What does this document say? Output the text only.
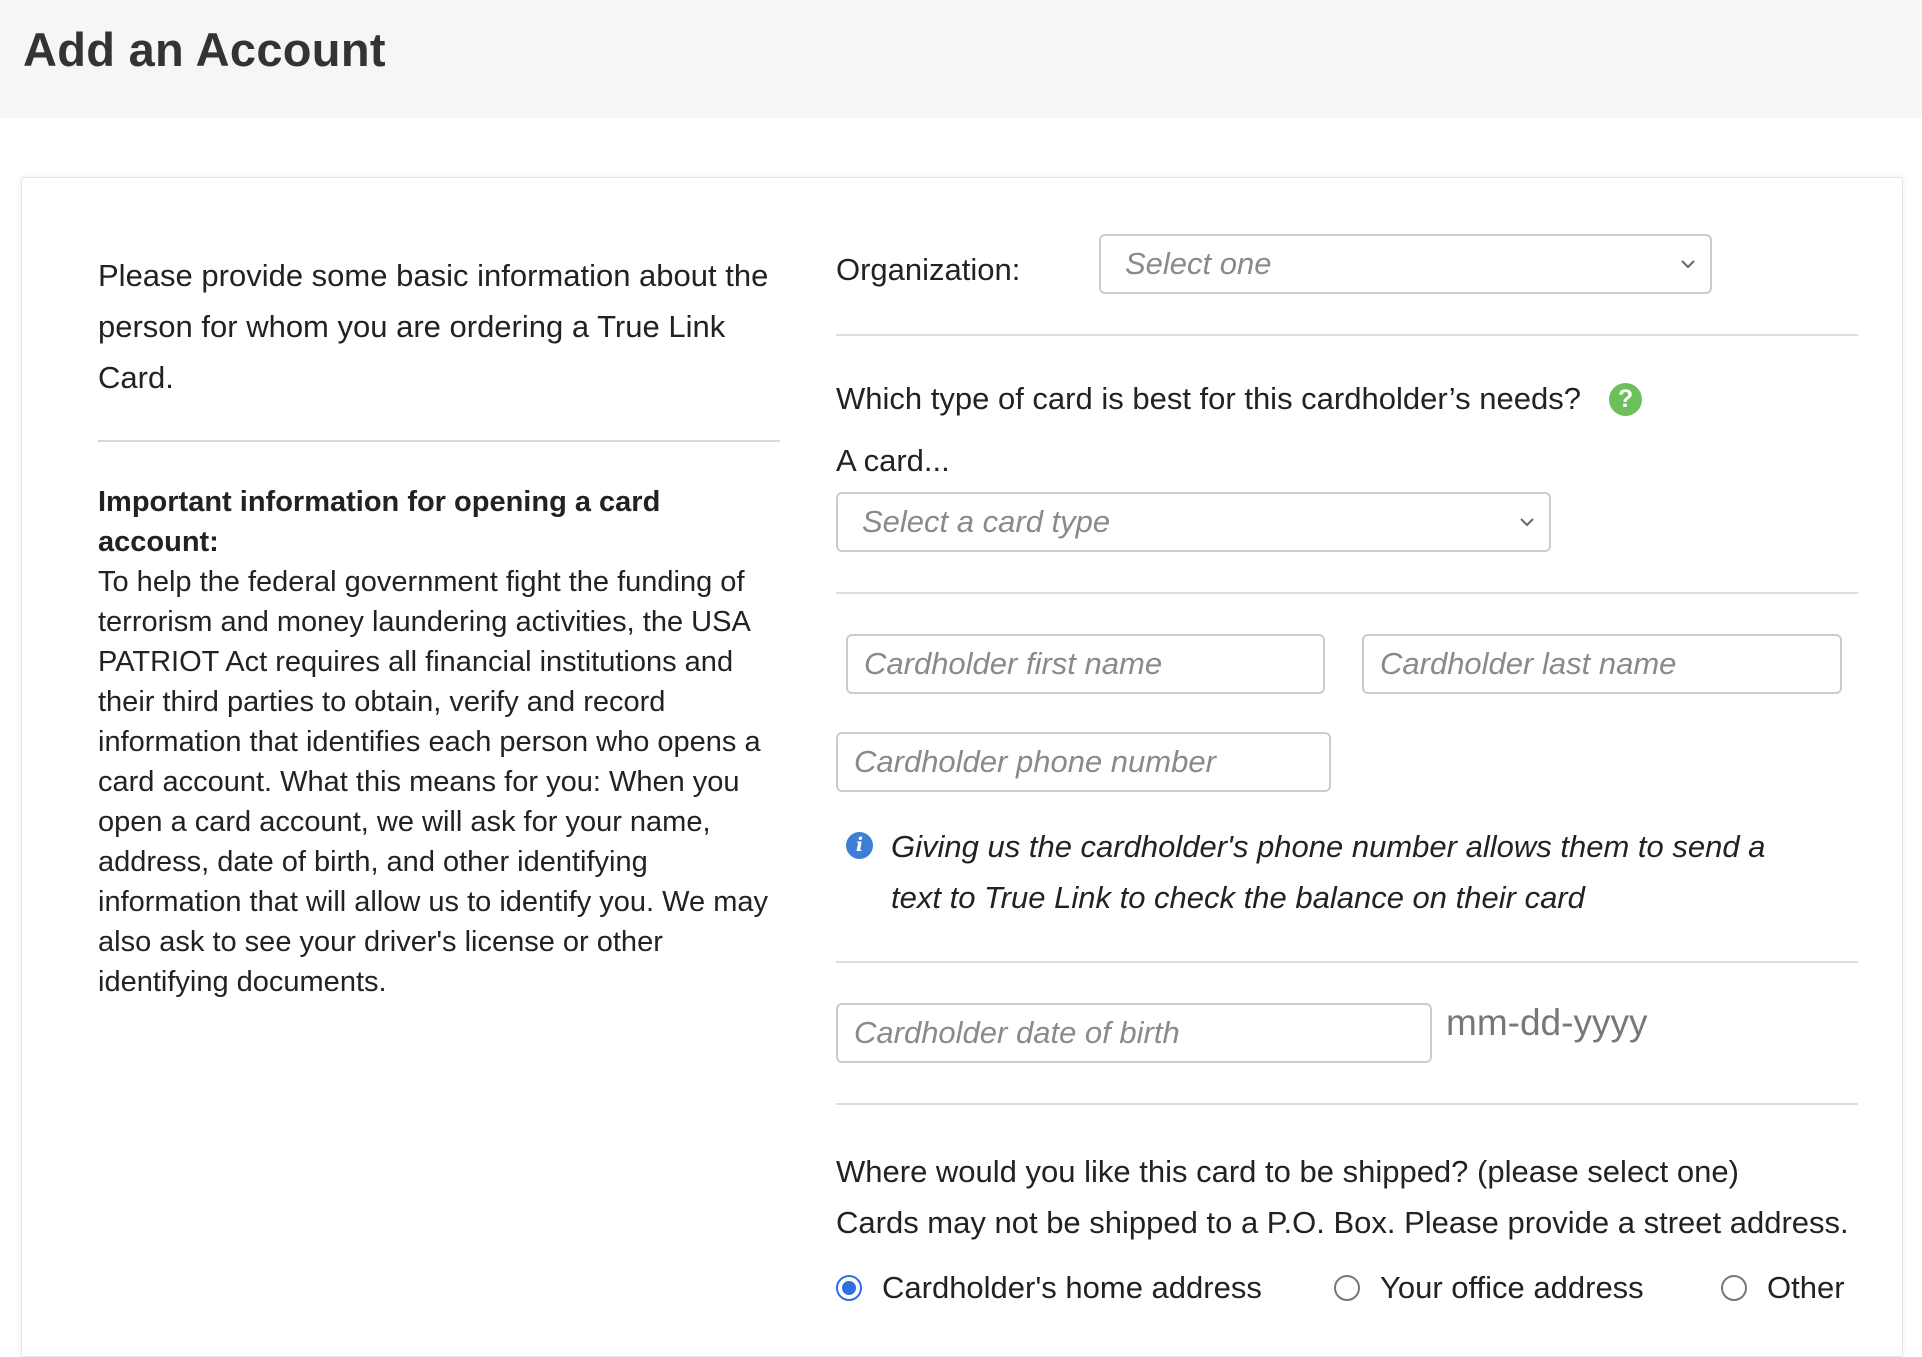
Add an Account

Please provide some basic information about the person for whom you are ordering a True Link Card.

Important information for opening a card account:
To help the federal government fight the funding of terrorism and money laundering activities, the USA PATRIOT Act requires all financial institutions and their third parties to obtain, verify and record information that identifies each person who opens a card account. What this means for you: When you open a card account, we will ask for your name, address, date of birth, and other identifying information that will allow us to identify you. We may also ask to see your driver's license or other identifying documents.
Organization:	Select one
Which type of card is best for this cardholder’s needs?	?
A card...
Select a card type
Cardholder first name	Cardholder last name
Cardholder phone number
i Giving us the cardholder's phone number allows them to send a text to True Link to check the balance on their card

Cardholder date of birth	mm-dd-yyyy
Where would you like this card to be shipped? (please select one)
Cards may not be shipped to a P.O. Box. Please provide a street address.
Cardholder's home address	Your office address	Other
